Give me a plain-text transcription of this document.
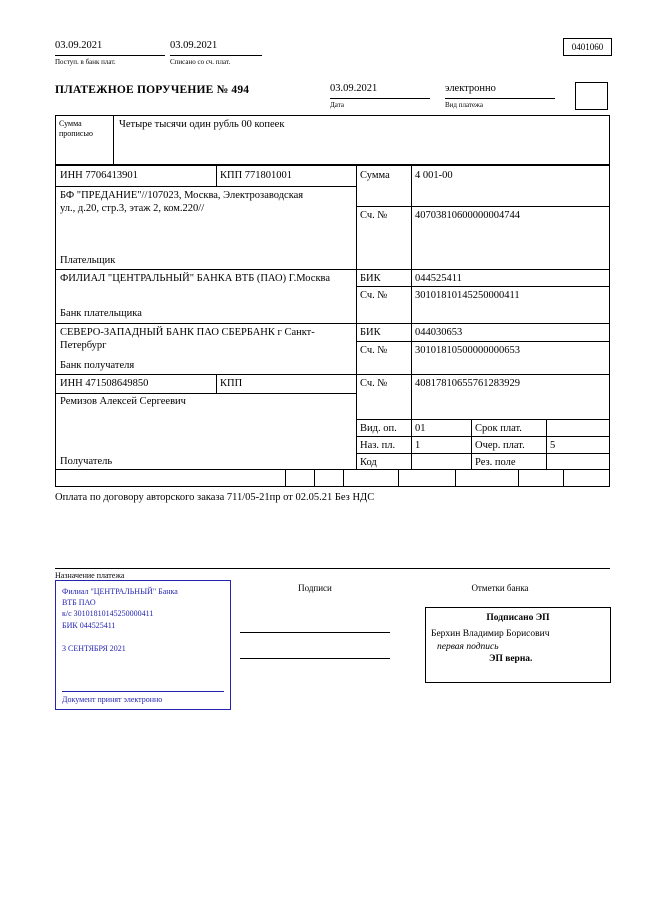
03.09.2021
Поступ. в банк плат.
03.09.2021
Списано со сч. плат.
0401060
ПЛАТЕЖНОЕ ПОРУЧЕНИЕ № 494	03.09.2021
Дата
электронно
Вид платежа
Сумма прописью
Четыре тысячи один рубль 00 копеек
ИНН 7706413901	КПП 771801001
БФ "ПРЕДАНИЕ"//107023, Москва, Электрозаводская ул., д.20, стр.3, этаж 2, ком.220//
Плательщик
Сумма 4 001-00
Сч. №	40703810600000004744
ФИЛИАЛ "ЦЕНТРАЛЬНЫЙ" БАНКА ВТБ (ПАО) Г.Москва	БИК	044525411
Сч. №	30101810145250000411
Банк плательщика
СЕВЕРО-ЗАПАДНЫЙ БАНК ПАО СБЕРБАНК г Санкт-Петербург
БИК	044030653
Сч. №	30101810500000000653
Банк получателя
ИНН 471508649850	КПП	Сч. №	40817810655761283929
Ремизов Алексей Сергеевич
Получатель
Вид. оп. 01	Срок плат.
Наз. пл. 1	Очер. плат. 5
Код	Рез. поле
Оплата по договору авторского заказа 711/05-21пр от 02.05.21 Без НДС
Назначение платежа
Филиал "ЦЕНТРАЛЬНЫЙ" Банка
ВТБ ПАО
к/с 30101810145250000411
БИК 044525411
3 СЕНТЯБРЯ 2021
Документ принят электронно
Подписи	Отметки банка
Подписано ЭП
Берхин Владимир Борисович
первая подпись
ЭП верна.
